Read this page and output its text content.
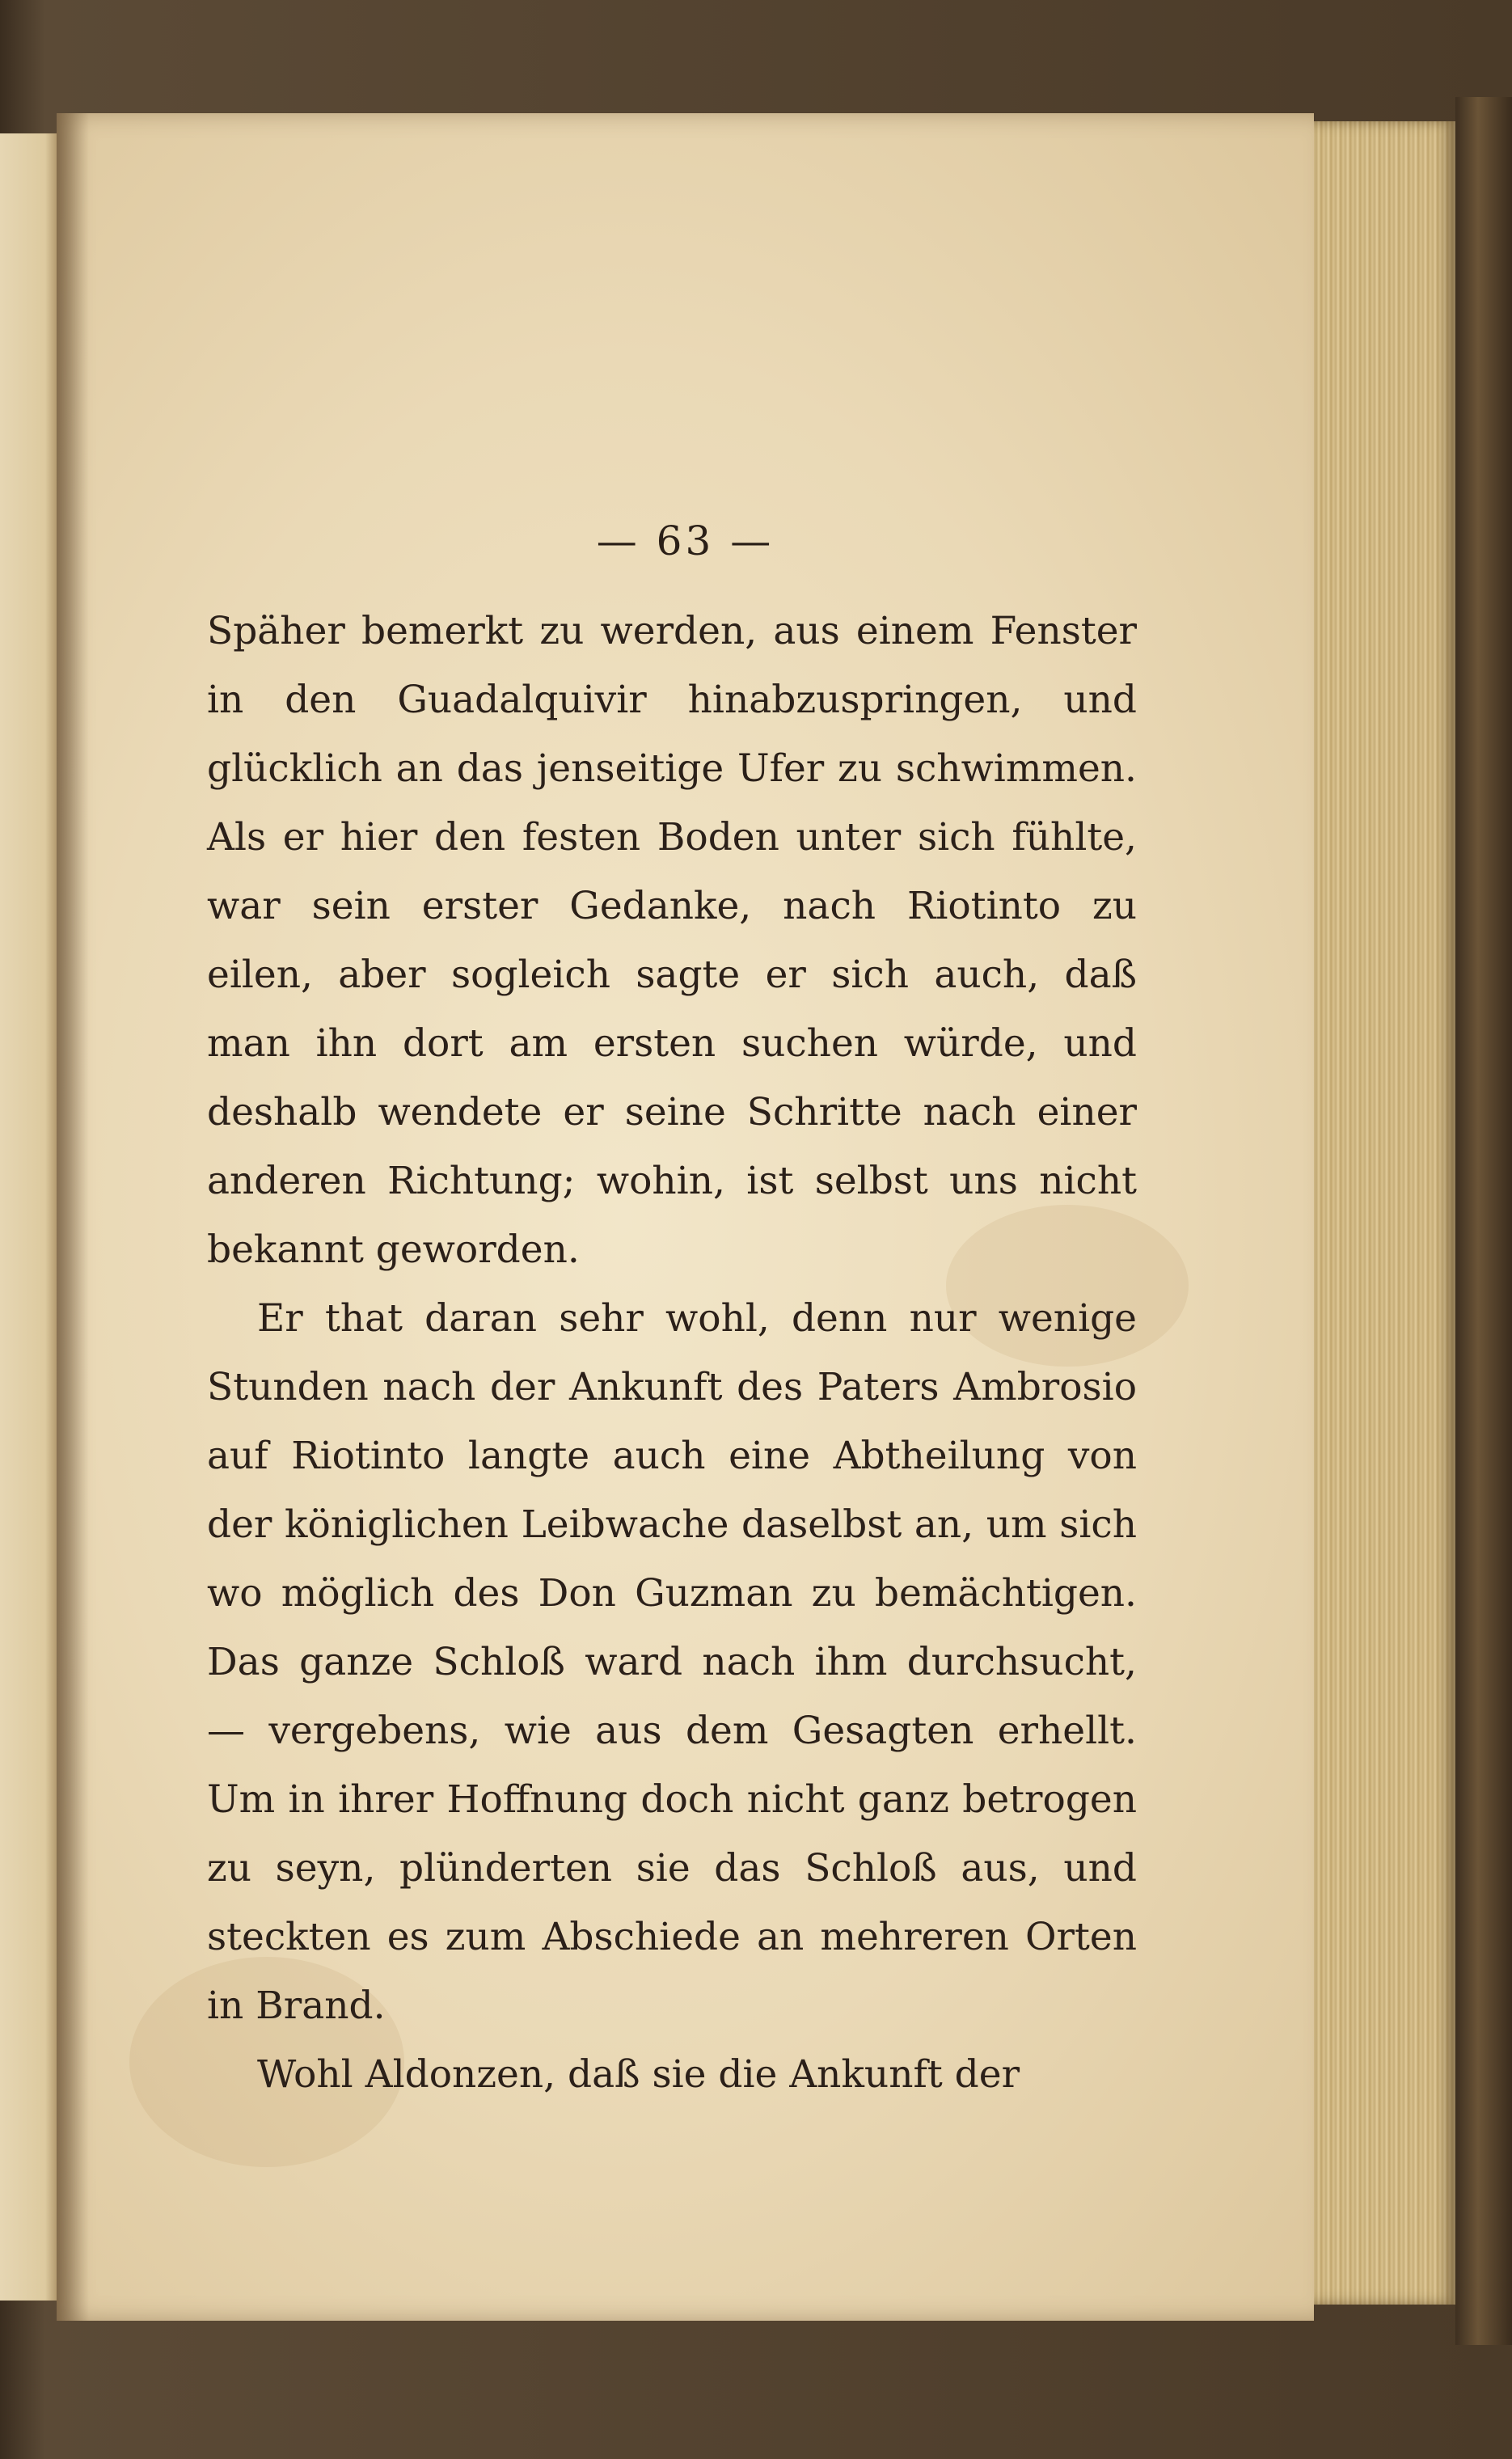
— 63 —

Späher bemerkt zu werden, aus einem Fenster in den Guadalquivir hinabzuspringen, und glücklich an das jenseitige Ufer zu schwimmen. Als er hier den festen Boden unter sich fühlte, war sein erster Gedanke, nach Riotinto zu eilen, aber sogleich sagte er sich auch, daß man ihn dort am ersten suchen würde, und deshalb wendete er seine Schritte nach einer anderen Richtung; wohin, ist selbst uns nicht bekannt geworden.

Er that daran sehr wohl, denn nur wenige Stunden nach der Ankunft des Paters Ambrosio auf Riotinto langte auch eine Abtheilung von der königlichen Leibwache daselbst an, um sich wo möglich des Don Guzman zu bemächtigen. Das ganze Schloß ward nach ihm durchsucht, — vergebens, wie aus dem Gesagten erhellt. Um in ihrer Hoffnung doch nicht ganz betrogen zu seyn, plünderten sie das Schloß aus, und steckten es zum Abschiede an mehreren Orten in Brand.

Wohl Aldonzen, daß sie die Ankunft der
